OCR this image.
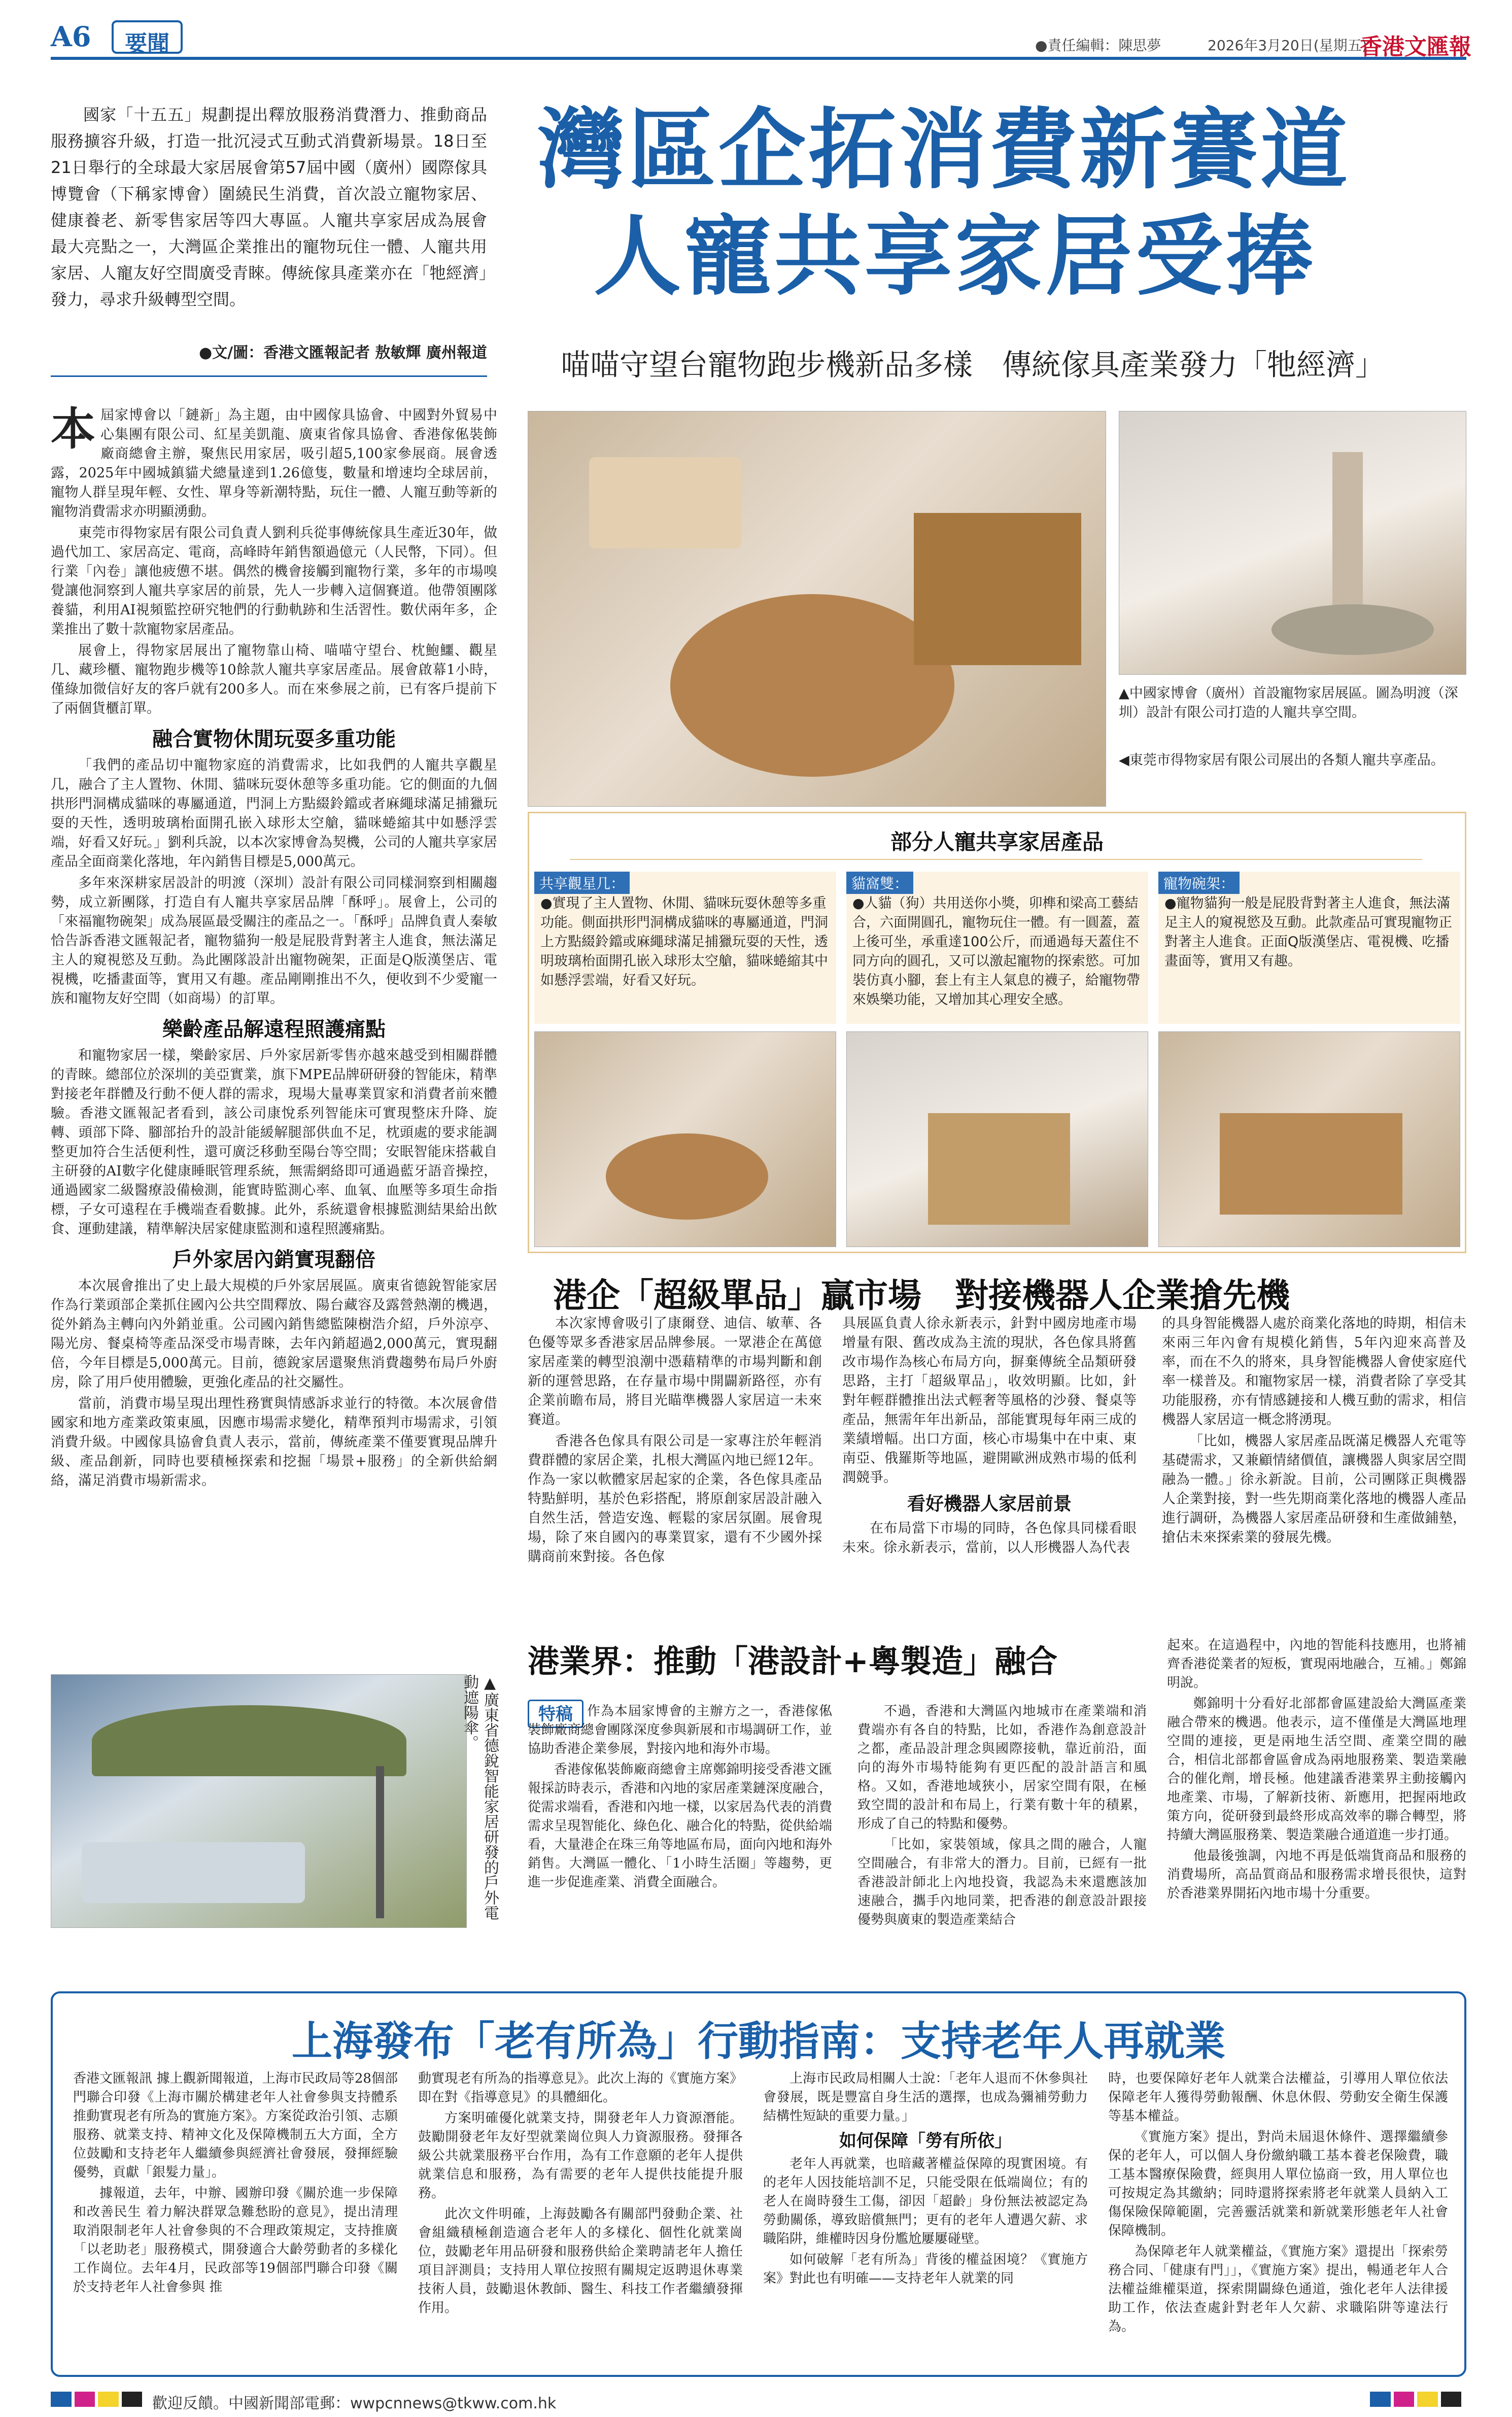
A6	要聞	●責任編輯：陳思夢	2026年3月20日(星期五)
香港文匯報
國家「十五五」規劃提出釋放服務消費潛力、推動商品服務擴容升級，打造一批沉浸式互動式消費新場景。18日至21日舉行的全球最大家居展會第57屆中國（廣州）國際傢具博覽會（下稱家博會）圍繞民生消費，首次設立寵物家居、健康養老、新零售家居等四大專區。人寵共享家居成為展會最大亮點之一，大灣區企業推出的寵物玩住一體、人寵共用家居、人寵友好空間廣受青睞。傳統傢具產業亦在「牠經濟」發力，尋求升級轉型空間。
●文/圖：香港文匯報記者 敖敏輝 廣州報道
灣區企拓消費新賽道
人寵共享家居受捧
喵喵守望台寵物跑步機新品多樣　傳統傢具產業發力「牠經濟」
本 屆家博會以「鏈新」為主題，由中國傢具協會、中國對外貿易中心集團有限公司、紅星美凱龍、廣東省傢具協會、香港傢俬裝飾廠商總會主辦，聚焦民用家居，吸引超5,100家參展商。展會透露，2025年中國城鎮貓犬總量達到1.26億隻，數量和增速均全球居前，寵物人群呈現年輕、女性、單身等新潮特點，玩住一體、人寵互動等新的寵物消費需求亦明顯湧動。

東莞市得物家居有限公司負責人劉利兵從事傳統傢具生產近30年，做過代加工、家居高定、電商，高峰時年銷售額過億元（人民幣，下同）。但行業「內卷」讓他疲憊不堪。偶然的機會接觸到寵物行業，多年的市場嗅覺讓他洞察到人寵共享家居的前景，先人一步轉入這個賽道。他帶領團隊養貓，利用AI視頻監控研究牠們的行動軌跡和生活習性。數伏兩年多，企業推出了數十款寵物家居產品。

展會上，得物家居展出了寵物靠山椅、喵喵守望台、枕鮑鱷、觀星几、藏珍櫃、寵物跑步機等10餘款人寵共享家居產品。展會啟幕1小時，僅綠加微信好友的客戶就有200多人。而在來參展之前，已有客戶提前下了兩個貨櫃訂單。

融合實物休閒玩耍多重功能

「我們的產品切中寵物家庭的消費需求，比如我們的人寵共享觀星几，融合了主人置物、休閒、貓咪玩耍休憩等多重功能。它的側面的九個拱形門洞構成貓咪的專屬通道，門洞上方點綴鈴鐺或者麻繩球滿足捕獵玩耍的天性，透明玻璃枱面開孔嵌入球形太空艙，貓咪蜷縮其中如懸浮雲端，好看又好玩。」劉利兵說，以本次家博會為契機，公司的人寵共享家居產品全面商業化落地，年內銷售目標是5,000萬元。

多年來深耕家居設計的明渡（深圳）設計有限公司同樣洞察到相關趨勢，成立新團隊，打造自有人寵共享家居品牌「酥呼」。展會上，公司的「來福寵物碗架」成為展區最受關注的產品之一。「酥呼」品牌負責人秦敏恰告訴香港文匯報記者，寵物貓狗一般是屁股背對著主人進食，無法滿足主人的窺視慾及互動。為此團隊設計出寵物碗架，正面是Q版漢堡店、電視機，吃播畫面等，實用又有趣。產品剛剛推出不久，便收到不少愛寵一族和寵物友好空間（如商場）的訂單。

樂齡產品解遠程照護痛點

和寵物家居一樣，樂齡家居、戶外家居新零售亦越來越受到相關群體的青睞。總部位於深圳的美亞實業，旗下MPE品牌研研發的智能床，精準對接老年群體及行動不便人群的需求，現場大量專業買家和消費者前來體驗。香港文匯報記者看到，該公司康悅系列智能床可實現整床升降、旋轉、頭部下降、腳部抬升的設計能緩解腿部供血不足，枕頭處的要求能調整更加符合生活便利性，還可廣泛移動至陽台等空間；安眠智能床搭載自主研發的AI數字化健康睡眠管理系統，無需網絡即可通過藍牙語音操控，通過國家二級醫療設備檢測，能實時監測心率、血氧、血壓等多項生命指標，子女可遠程在手機端查看數據。此外，系統還會根據監測結果給出飲食、運動建議，精準解決居家健康監測和遠程照護痛點。

戶外家居內銷實現翻倍

本次展會推出了史上最大規模的戶外家居展區。廣東省德銳智能家居作為行業頭部企業抓住國內公共空間釋放、陽台藏容及露營熱潮的機遇，從外銷為主轉向內外銷並重。公司國內銷售總監陳樹浩介紹，戶外涼亭、陽光房、餐桌椅等產品深受市場青睞，去年內銷超過2,000萬元，實現翻倍，今年目標是5,000萬元。目前，德銳家居還聚焦消費趨勢布局戶外廚房，除了用戶使用體驗，更強化產品的社交屬性。

當前，消費市場呈現出理性務實與情感訴求並行的特徵。本次展會借國家和地方產業政策東風，因應市場需求變化，精準預判市場需求，引領消費升級。中國傢具協會負責人表示，當前，傳統產業不僅要實現品牌升級、產品創新，同時也要積極探索和挖掘「場景+服務」的全新供給網絡，滿足消費市場新需求。

▲廣東省德銳智能家居研發的戶外電動遮陽傘。
▲中國家博會（廣州）首設寵物家居展區。圖為明渡（深圳）設計有限公司打造的人寵共享空間。
◀東莞市得物家居有限公司展出的各類人寵共享產品。
部分人寵共享家居產品
共享觀星几：
●實現了主人置物、休閒、貓咪玩耍休憩等多重功能。側面拱形門洞構成貓咪的專屬通道，門洞上方點綴鈴鐺或麻繩球滿足捕獵玩耍的天性，透明玻璃枱面開孔嵌入球形太空艙，貓咪蜷縮其中如懸浮雲端，好看又好玩。
貓窩雙：
●人貓（狗）共用送你小獎，卯榫和梁高工藝結合，六面開圓孔，寵物玩住一體。有一圓蓋，蓋上後可坐，承重達100公斤，而通過每天蓋住不同方向的圓孔，又可以激起寵物的探索慾。可加裝仿真小腳，套上有主人氣息的襪子，給寵物帶來娛樂功能，又增加其心理安全感。
寵物碗架：
●寵物貓狗一般是屁股背對著主人進食，無法滿足主人的窺視慾及互動。此款產品可實現寵物正對著主人進食。正面Q版漢堡店、電視機、吃播畫面等，實用又有趣。
港企「超級單品」贏市場　對接機器人企業搶先機

本次家博會吸引了康爾登、迪信、敏華、各色優等眾多香港家居品牌參展。一眾港企在萬億家居產業的轉型浪潮中憑藉精準的市場判斷和創新的運營思路，在存量市場中開闢新路徑，亦有企業前瞻布局，將目光瞄準機器人家居這一未來賽道。

香港各色傢具有限公司是一家專注於年輕消費群體的家居企業，扎根大灣區內地已經12年。作為一家以軟體家居起家的企業，各色傢具產品特點鮮明，基於色彩搭配，將原創家居設計融入自然生活，營造安逸、輕鬆的家居氛圍。展會現場，除了來自國內的專業買家，還有不少國外採購商前來對接。各色傢

具展區負責人徐永新表示，針對中國房地產市場增量有限、舊改成為主流的現狀，各色傢具將舊改市場作為核心布局方向，摒棄傳統全品類研發思路，主打「超級單品」，收效明顯。比如，針對年輕群體推出法式輕奢等風格的沙發、餐桌等產品，無需年年出新品，部能實現每年兩三成的業績增幅。出口方面，核心市場集中在中東、東南亞、俄羅斯等地區，避開歐洲成熟市場的低利潤競爭。

看好機器人家居前景

在布局當下市場的同時，各色傢具同樣看眼未來。徐永新表示，當前，以人形機器人為代表

的具身智能機器人處於商業化落地的時期，相信未來兩三年內會有規模化銷售，5年內迎來高普及率，而在不久的將來，具身智能機器人會使家庭代率一樣普及。和寵物家居一樣，消費者除了享受其功能服務，亦有情感鏈接和人機互動的需求，相信機器人家居這一概念將湧現。

「比如，機器人家居產品既滿足機器人充電等基礎需求，又兼顧情緒價值，讓機器人與家居空間融為一體。」徐永新說。目前，公司團隊正與機器人企業對接，對一些先期商業化落地的機器人產品進行調研，為機器人家居產品研發和生產做鋪墊，搶佔未來探索業的發展先機。

港業界：推動「港設計+粵製造」融合
特稿	作為本屆家博會的主辦方之一，香港傢俬裝飾廠商總會團隊深度參與新展和市場調研工作，並協助香港企業參展，對接內地和海外市場。

香港傢俬裝飾廠商總會主席鄭錦明接受香港文匯報採訪時表示，香港和內地的家居產業鏈深度融合，從需求端看，香港和內地一樣，以家居為代表的消費需求呈現智能化、綠色化、融合化的特點，從供給端看，大量港企在珠三角等地區布局，面向內地和海外銷售。大灣區一體化、「1小時生活圈」等趨勢，更進一步促進產業、消費全面融合。

不過，香港和大灣區內地城市在產業端和消費端亦有各自的特點，比如，香港作為創意設計之都，產品設計理念與國際接軌，靠近前沿，面向的海外市場特能夠有更匹配的設計語言和風格。又如，香港地域狹小，居家空間有限，在極致空間的設計和布局上，行業有數十年的積累，形成了自己的特點和優勢。

「比如，家裝領域，傢具之間的融合，人寵空間融合，有非常大的潛力。目前，已經有一批香港設計師北上內地投資，我認為未來還應該加速融合，攜手內地同業，把香港的創意設計跟接優勢與廣東的製造產業結合

起來。在這過程中，內地的智能科技應用，也將補齊香港從業者的短板，實現兩地融合，互補。」鄭錦明說。

鄭錦明十分看好北部都會區建設給大灣區產業融合帶來的機遇。他表示，這不僅僅是大灣區地理空間的連接，更是兩地生活空間、產業空間的融合，相信北部都會區會成為兩地服務業、製造業融合的催化劑，增長極。他建議香港業界主動接觸內地產業、市場，了解新技術、新應用，把握兩地政策方向，從研發到最終形成高效率的聯合轉型，將持續大灣區服務業、製造業融合通道進一步打通。

他最後強調，內地不再是低端貨商品和服務的消費場所，高品質商品和服務需求增長很快，這對於香港業界開拓內地市場十分重要。

上海發布「老有所為」行動指南：支持老年人再就業

香港文匯報訊 據上觀新聞報道，上海市民政局等28個部門聯合印發《上海市關於構建老年人社會參與支持體系推動實現老有所為的實施方案》。方案從政治引領、志願服務、就業支持、精神文化及保障機制五大方面，全方位鼓勵和支持老年人繼續參與經濟社會發展，發揮經驗優勢，貢獻「銀髮力量」。

據報道，去年，中辦、國辦印發《關於進一步保障和改善民生 着力解決群眾急難愁盼的意見》，提出清理取消限制老年人社會參與的不合理政策規定，支持推廣「以老助老」服務模式，開發適合大齡勞動者的多樣化工作崗位。去年4月，民政部等19個部門聯合印發《關於支持老年人社會參與 推

動實現老有所為的指導意見》。此次上海的《實施方案》即在對《指導意見》的具體細化。

方案明確優化就業支持，開發老年人力資源潛能。鼓勵開發老年友好型就業崗位與人力資源服務。發揮各級公共就業服務平台作用，為有工作意願的老年人提供就業信息和服務，為有需要的老年人提供技能提升服務。

此次文件明確，上海鼓勵各有關部門發動企業、社會組織積極創造適合老年人的多樣化、個性化就業崗位，鼓勵老年用品研發和服務供給企業聘請老年人擔任項目評測員；支持用人單位按照有關規定返聘退休專業技術人員，鼓勵退休教師、醫生、科技工作者繼續發揮作用。

上海市民政局相關人士說：「老年人退而不休參與社會發展，既是豐富自身生活的選擇，也成為彌補勞動力結構性短缺的重要力量。」

如何保障「勞有所依」

老年人再就業，也暗藏著權益保障的現實困境。有的老年人因技能培訓不足，只能受限在低端崗位；有的老人在崗時發生工傷，卻因「超齡」身份無法被認定為勞動關係，導致賠償無門；更有的老年人遭遇欠薪、求職陷阱，維權時因身份尷尬屢屢碰壁。

如何破解「老有所為」背後的權益困境？《實施方案》對此也有明確——支持老年人就業的同

時，也要保障好老年人就業合法權益，引導用人單位依法保障老年人獲得勞動報酬、休息休假、勞動安全衛生保護等基本權益。

《實施方案》提出，對尚未屆退休條件、選擇繼續參保的老年人，可以個人身份繳納職工基本養老保險費，職工基本醫療保險費，經與用人單位協商一致，用人單位也可按規定為其繳納；同時還將探索將老年就業人員納入工傷保險保障範圍，完善靈活就業和新就業形態老年人社會保障機制。

為保障老年人就業權益，《實施方案》還提出「探索勞務合同、「健康有門」」，《實施方案》提出，暢通老年人合法權益維權渠道，探索開闢綠色通道，強化老年人法律援助工作，依法查處針對老年人欠薪、求職陷阱等違法行為。

歡迎反饋。中國新聞部電郵：wwpcnnews@tkww.com.hk
